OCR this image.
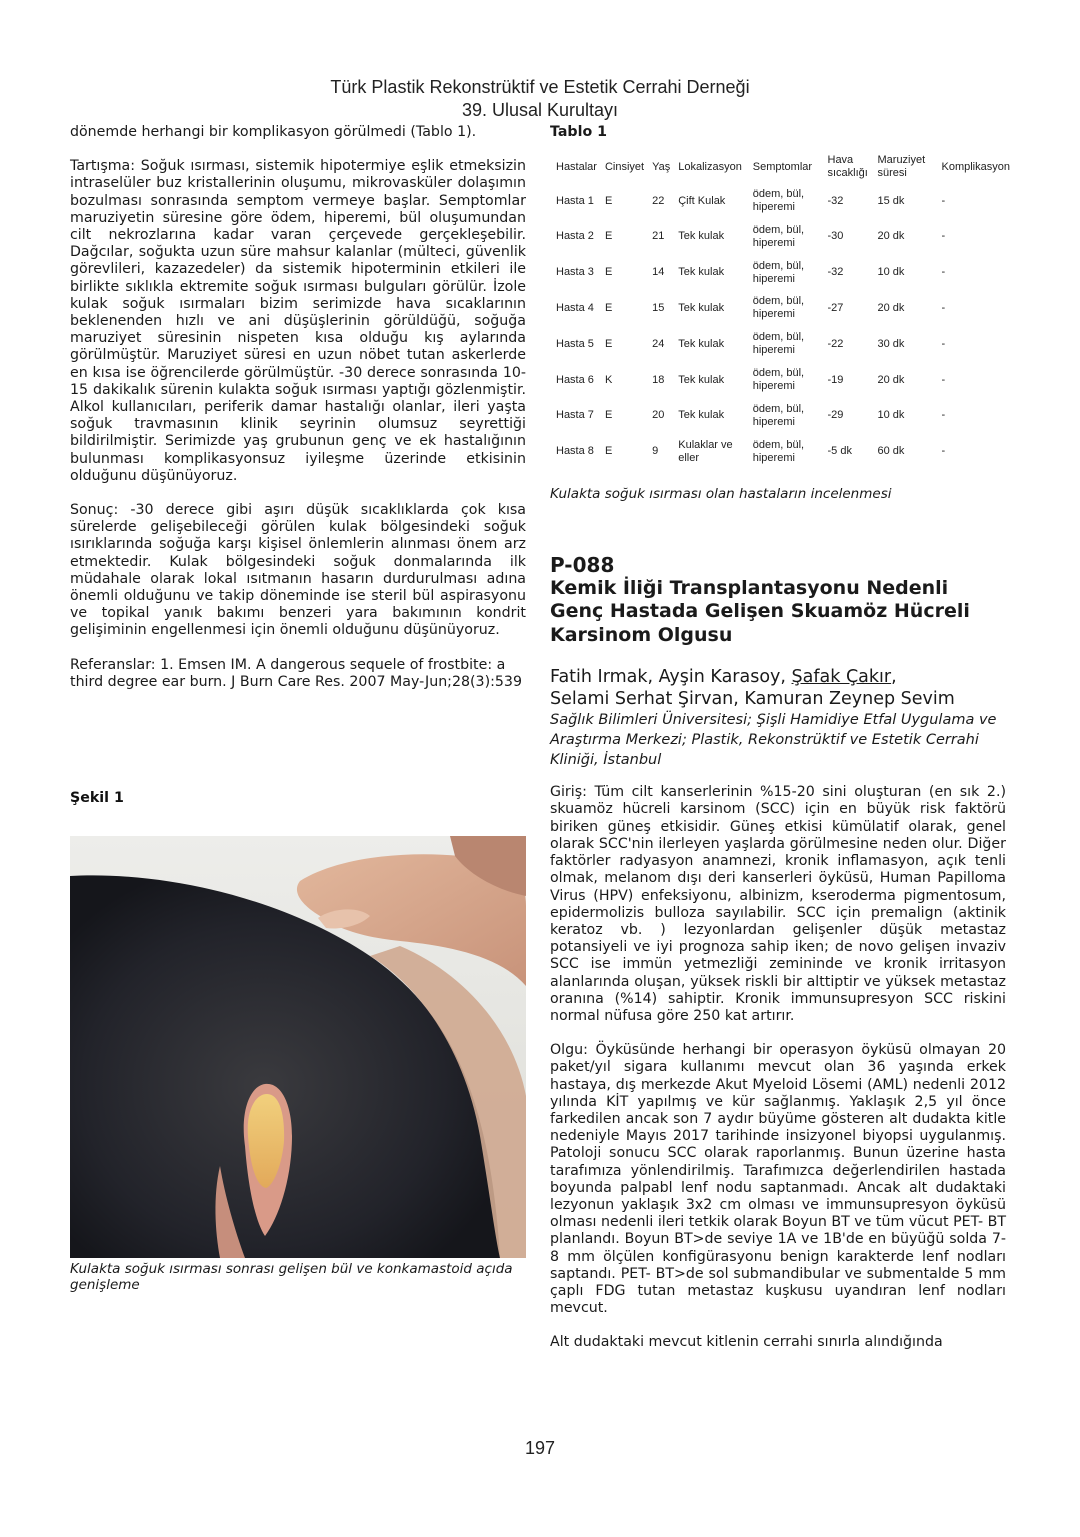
Türk Plastik Rekonstrüktif ve Estetik Cerrahi Derneği
39. Ulusal Kurultayı

dönemde herhangi bir komplikasyon görülmedi (Tablo 1).

Tartışma: Soğuk ısırması, sistemik hipotermiye eşlik etmeksizin intraselüler buz kristallerinin oluşumu, mikrovasküler dolaşımın bozulması sonrasında semptom vermeye başlar. Semptomlar maruziyetin süresine göre ödem, hiperemi, bül oluşumundan cilt nekrozlarına kadar varan çerçevede gerçekleşebilir. Dağcılar, soğukta uzun süre mahsur kalanlar (mülteci, güvenlik görevlileri, kazazedeler) da sistemik hipoterminin etkileri ile birlikte sıklıkla ektremite soğuk ısırması bulguları görülür. İzole kulak soğuk ısırmaları bizim serimizde hava sıcaklarının beklenenden hızlı ve ani düşüşlerinin görüldüğü, soğuğa maruziyet süresinin nispeten kısa olduğu kış aylarında görülmüştür. Maruziyet süresi en uzun nöbet tutan askerlerde en kısa ise öğrencilerde görülmüştür. -30 derece sonrasında 10-15 dakikalık sürenin kulakta soğuk ısırması yaptığı gözlenmiştir. Alkol kullanıcıları, periferik damar hastalığı olanlar, ileri yaşta soğuk travmasının klinik seyrinin olumsuz seyrettiği bildirilmiştir. Serimizde yaş grubunun genç ve ek hastalığının bulunması komplikasyonsuz iyileşme üzerinde etkisinin olduğunu düşünüyoruz.

Sonuç: -30 derece gibi aşırı düşük sıcaklıklarda çok kısa sürelerde gelişebileceği görülen kulak bölgesindeki soğuk ısırıklarında soğuğa karşı kişisel önlemlerin alınması önem arz etmektedir. Kulak bölgesindeki soğuk donmalarında ilk müdahale olarak lokal ısıtmanın hasarın durdurulması adına önemli olduğunu ve takip döneminde ise steril bül aspirasyonu ve topikal yanık bakımı benzeri yara bakımının kondrit gelişiminin engellenmesi için önemli olduğunu düşünüyoruz.

Referanslar: 1. Emsen IM. A dangerous sequele of frostbite: a third degree ear burn. J Burn Care Res. 2007 May-Jun;28(3):539

Şekil 1
Kulakta soğuk ısırması sonrası gelişen bül ve konkamastoid açıda genişleme
Tablo 1
Hastalar	Cinsiyet	Yaş	Lokalizasyon	Semptomlar	Hava sıcaklığı	Maruziyet süresi	Komplikasyon
Hasta 1	E	22	Çift Kulak	ödem, bül, hiperemi	-32	15 dk	-
Hasta 2	E	21	Tek kulak	ödem, bül, hiperemi	-30	20 dk	-
Hasta 3	E	14	Tek kulak	ödem, bül, hiperemi	-32	10 dk	-
Hasta 4	E	15	Tek kulak	ödem, bül, hiperemi	-27	20 dk	-
Hasta 5	E	24	Tek kulak	ödem, bül, hiperemi	-22	30 dk	-
Hasta 6	K	18	Tek kulak	ödem, bül, hiperemi	-19	20 dk	-
Hasta 7	E	20	Tek kulak	ödem, bül, hiperemi	-29	10 dk	-
Hasta 8	E	9	Kulaklar ve eller	ödem, bül, hiperemi	-5 dk	60 dk	-
Kulakta soğuk ısırması olan hastaların incelenmesi
P-088
Kemik İliği Transplantasyonu Nedenli Genç Hastada Gelişen Skuamöz Hücreli Karsinom Olgusu
Fatih Irmak, Ayşin Karasoy, Şafak Çakır,
Selami Serhat Şirvan, Kamuran Zeynep Sevim
Sağlık Bilimleri Üniversitesi; Şişli Hamidiye Etfal Uygulama ve Araştırma Merkezi; Plastik, Rekonstrüktif ve Estetik Cerrahi Kliniği, İstanbul

Giriş: Tüm cilt kanserlerinin %15-20 sini oluşturan (en sık 2.) skuamöz hücreli karsinom (SCC) için en büyük risk faktörü biriken güneş etkisidir. Güneş etkisi kümülatif olarak, genel olarak SCC'nin ilerleyen yaşlarda görülmesine neden olur. Diğer faktörler radyasyon anamnezi, kronik inflamasyon, açık tenli olmak, melanom dışı deri kanserleri öyküsü, Human Papilloma Virus (HPV) enfeksiyonu, albinizm, kseroderma pigmentosum, epidermolizis bulloza sayılabilir. SCC için premalign (aktinik keratoz vb. ) lezyonlardan gelişenler düşük metastaz potansiyeli ve iyi prognoza sahip iken; de novo gelişen invaziv SCC ise immün yetmezliği zemininde ve kronik irritasyon alanlarında oluşan, yüksek riskli bir alttiptir ve yüksek metastaz oranına (%14) sahiptir. Kronik immunsupresyon SCC riskini normal nüfusa göre 250 kat artırır.

Olgu: Öyküsünde herhangi bir operasyon öyküsü olmayan 20 paket/yıl sigara kullanımı mevcut olan 36 yaşında erkek hastaya, dış merkezde Akut Myeloid Lösemi (AML) nedenli 2012 yılında KİT yapılmış ve kür sağlanmış. Yaklaşık 2,5 yıl önce farkedilen ancak son 7 aydır büyüme gösteren alt dudakta kitle nedeniyle Mayıs 2017 tarihinde insizyonel biyopsi uygulanmış. Patoloji sonucu SCC olarak raporlanmış. Bunun üzerine hasta tarafımıza yönlendirilmiş. Tarafımızca değerlendirilen hastada boyunda palpabl lenf nodu saptanmadı. Ancak alt dudaktaki lezyonun yaklaşık 3x2 cm olması ve immunsupresyon öyküsü olması nedenli ileri tetkik olarak Boyun BT ve tüm vücut PET- BT planlandı. Boyun BT>de seviye 1A ve 1B'de en büyüğü solda 7-8 mm ölçülen konfigürasyonu benign karakterde lenf nodları saptandı. PET- BT>de sol submandibular ve submentalde 5 mm çaplı FDG tutan metastaz kuşkusu uyandıran lenf nodları mevcut.

Alt dudaktaki mevcut kitlenin cerrahi sınırla alındığında

197
